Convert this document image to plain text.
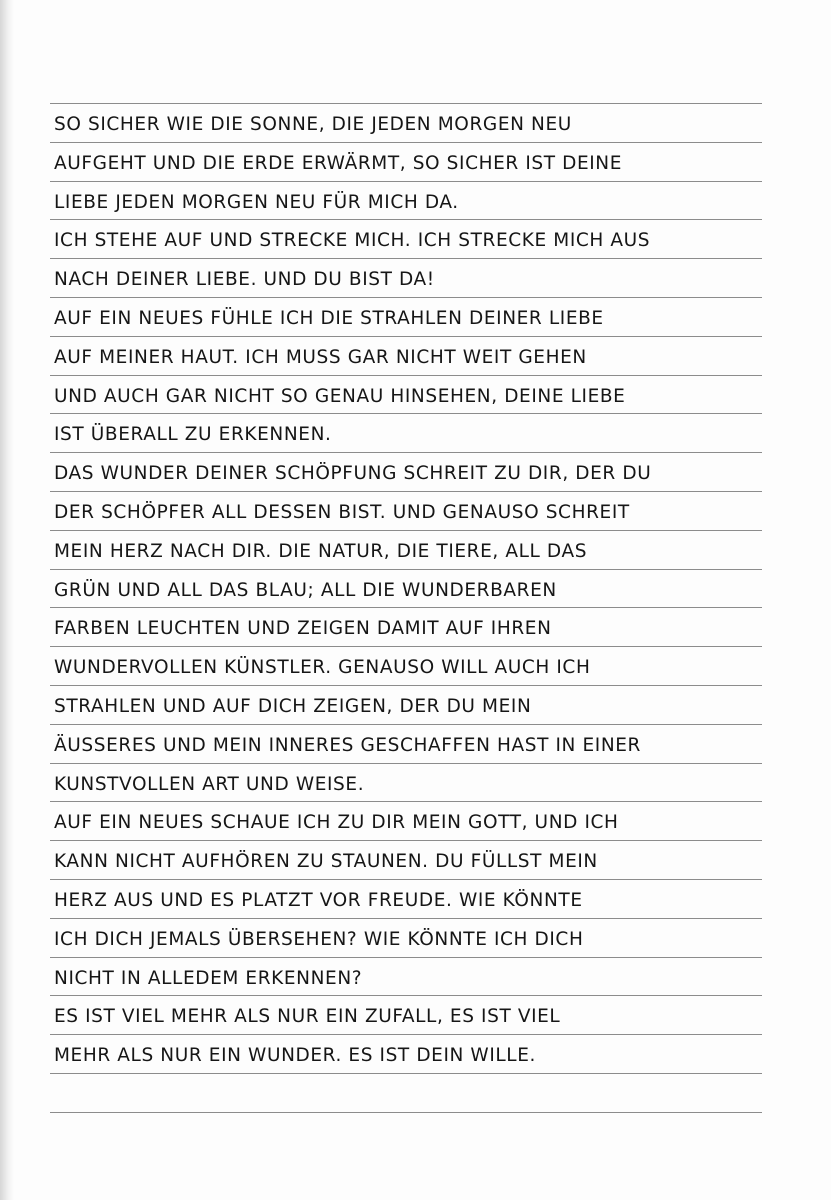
SO SICHER WIE DIE SONNE, DIE JEDEN MORGEN NEU
AUFGEHT UND DIE ERDE ERWÄRMT, SO SICHER IST DEINE
LIEBE JEDEN MORGEN NEU FÜR MICH DA.
ICH STEHE AUF UND STRECKE MICH. ICH STRECKE MICH AUS
NACH DEINER LIEBE. UND DU BIST DA!
AUF EIN NEUES FÜHLE ICH DIE STRAHLEN DEINER LIEBE
AUF MEINER HAUT. ICH MUSS GAR NICHT WEIT GEHEN
UND AUCH GAR NICHT SO GENAU HINSEHEN, DEINE LIEBE
IST ÜBERALL ZU ERKENNEN.
DAS WUNDER DEINER SCHÖPFUNG SCHREIT ZU DIR, DER DU
DER SCHÖPFER ALL DESSEN BIST. UND GENAUSO SCHREIT
MEIN HERZ NACH DIR. DIE NATUR, DIE TIERE, ALL DAS
GRÜN UND ALL DAS BLAU; ALL DIE WUNDERBAREN
FARBEN LEUCHTEN UND ZEIGEN DAMIT AUF IHREN
WUNDERVOLLEN KÜNSTLER. GENAUSO WILL AUCH ICH
STRAHLEN UND AUF DICH ZEIGEN, DER DU MEIN
ÄUSSERES UND MEIN INNERES GESCHAFFEN HAST IN EINER
KUNSTVOLLEN ART UND WEISE.
AUF EIN NEUES SCHAUE ICH ZU DIR MEIN GOTT, UND ICH
KANN NICHT AUFHÖREN ZU STAUNEN. DU FÜLLST MEIN
HERZ AUS UND ES PLATZT VOR FREUDE. WIE KÖNNTE
ICH DICH JEMALS ÜBERSEHEN? WIE KÖNNTE ICH DICH
NICHT IN ALLEDEM ERKENNEN?
ES IST VIEL MEHR ALS NUR EIN ZUFALL, ES IST VIEL
MEHR ALS NUR EIN WUNDER. ES IST DEIN WILLE.
